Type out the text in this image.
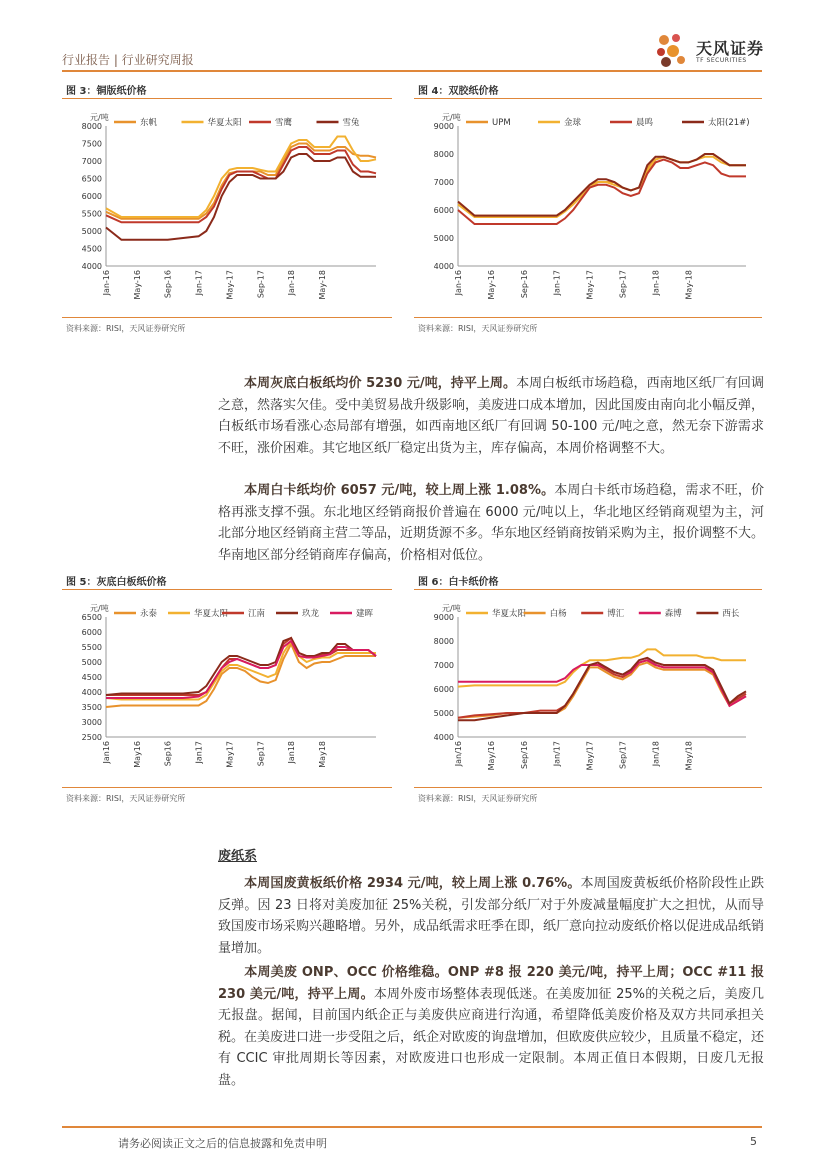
行业报告 | 行业研究周报
天风证券
TF SECURITIES
图 3：铜版纸价格	图 4：双胶纸价格
元/吨
4000
4500
5000
5500
6000
6500
7000
7500
8000
Jan-16	May-16	Sep-16	Jan-17	May-17	Sep-17	Jan-18	May-18
东帆	华夏太阳	雪鹰	雪兔
元/吨
4000
5000
6000
7000
8000
9000
Jan-16	May-16	Sep-16	Jan-17	May-17	Sep-17	Jan-18	May-18
UPM	金球	晨鸣	太阳(21#)
资料来源：RISI，天风证券研究所	资料来源：RISI，天风证券研究所
  本周灰底白板纸均价 5230 元/吨，持平上周。本周白板纸市场趋稳，西南地区纸厂有回调之意，然落实欠佳。受中美贸易战升级影响，美废进口成本增加，因此国废由南向北小幅反弹，白板纸市场看涨心态局部有增强，如西南地区纸厂有回调 50-100 元/吨之意，然无奈下游需求不旺，涨价困难。其它地区纸厂稳定出货为主，库存偏高，本周价格调整不大。
  本周白卡纸均价 6057 元/吨，较上周上涨 1.08%。本周白卡纸市场趋稳，需求不旺，价格再涨支撑不强。东北地区经销商报价普遍在 6000 元/吨以上，华北地区经销商观望为主，河北部分地区经销商主营二等品，近期货源不多。华东地区经销商按销采购为主，报价调整不大。华南地区部分经销商库存偏高，价格相对低位。
图 5：灰底白板纸价格	图 6：白卡纸价格
元/吨
2500
3000
3500
4000
4500
5000
5500
6000
6500
Jan16	May16	Sep16	Jan17	May17	Sep17	Jan18	May18
永泰	华夏太阳 江南	玖龙	建晖
元/吨
4000
5000
6000
7000
8000
9000
Jan/16	May/16	Sep/16	Jan/17	May/17	Sep/17	Jan/18	May/18
华夏太阳	白杨	博汇	森博	西长
资料来源：RISI，天风证券研究所	资料来源：RISI，天风证券研究所
废纸系
  本周国废黄板纸价格 2934 元/吨，较上周上涨 0.76%。本周国废黄板纸价格阶段性止跌反弹。因 23 日将对美废加征 25%关税，引发部分纸厂对于外废减量幅度扩大之担忧，从而导致国废市场采购兴趣略增。另外，成品纸需求旺季在即，纸厂意向拉动废纸价格以促进成品纸销量增加。
  本周美废 ONP、OCC 价格维稳。ONP #8 报 220 美元/吨，持平上周；OCC #11 报 230 美元/吨，持平上周。本周外废市场整体表现低迷。在美废加征 25%的关税之后，美废几无报盘。据闻，目前国内纸企正与美废供应商进行沟通，希望降低美废价格及双方共同承担关税。在美废进口进一步受阻之后，纸企对欧废的询盘增加，但欧废供应较少，且质量不稳定，还有 CCIC 审批周期长等因素，对欧废进口也形成一定限制。本周正值日本假期，日废几无报盘。
请务必阅读正文之后的信息披露和免责申明	5
